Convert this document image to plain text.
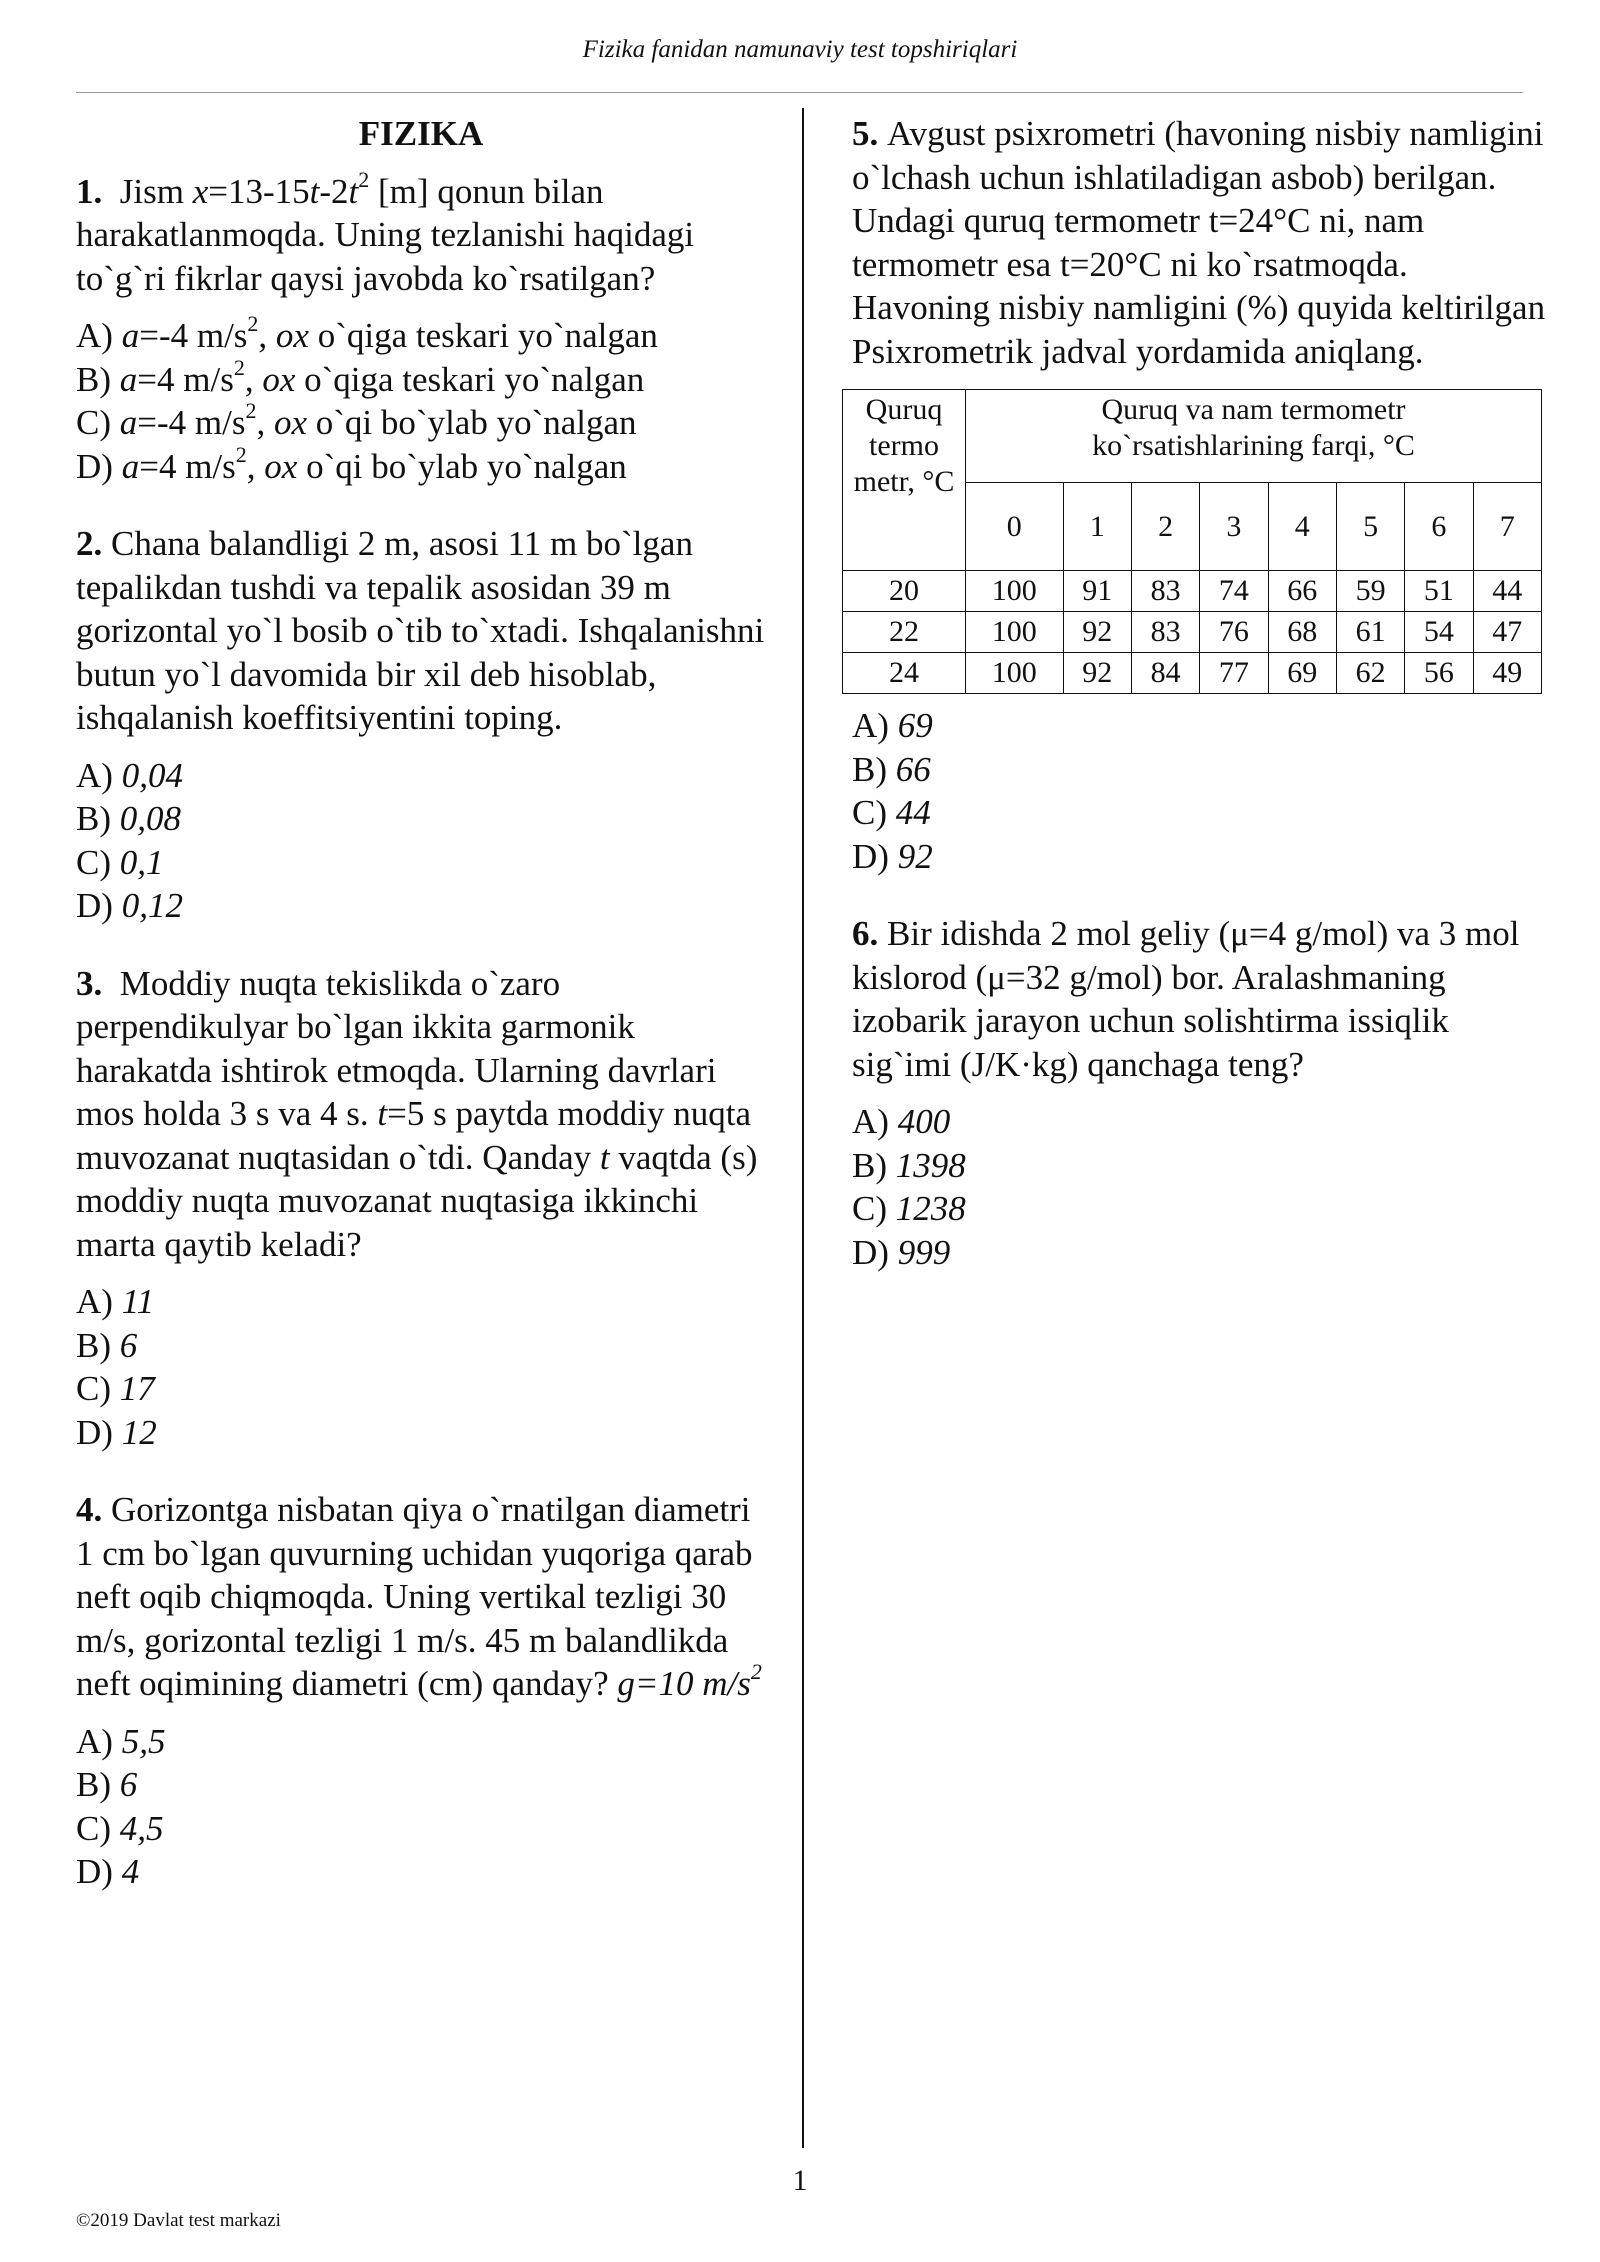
Fizika fanidan namunaviy test topshiriqlari
FIZIKA
1.  Jism $x=13-15t-2t^2$ [m] qonun bilan harakatlanmoqda. Uning tezlanishi haqidagi to`g`ri fikrlar qaysi javobda ko`rsatilgan?
A) a=-4 $m/s^2$, ox o`qiga teskari yo`nalgan
B) a=4 $m/s^2$, ox o`qiga teskari yo`nalgan
C) a=-4 $m/s^2$, ox o`qi bo`ylab yo`nalgan
D) a=4 $m/s^2$, ox o`qi bo`ylab yo`nalgan
2. Chana balandligi 2 m, asosi 11 m bo`lgan tepalikdan tushdi va tepalik asosidan 39 m gorizontal yo`l bosib o`tib to`xtadi. Ishqalanishni butun yo`l davomida bir xil deb hisoblab, ishqalanish koeffitsiyentini toping.
A) 0,04
B) 0,08
C) 0,1
D) 0,12
3.  Moddiy nuqta tekislikda o`zaro perpendikulyar bo`lgan ikkita garmonik harakatda ishtirok etmoqda. Ularning davrlari mos holda 3 s va 4 s. t=5 s paytda moddiy nuqta muvozanat nuqtasidan o`tdi. Qanday t vaqtda (s) moddiy nuqta muvozanat nuqtasiga ikkinchi marta qaytib keladi?
A) 11
B) 6
C) 17
D) 12
4. Gorizontga nisbatan qiya o`rnatilgan diametri 1 cm bo`lgan quvurning uchidan yuqoriga qarab neft oqib chiqmoqda. Uning vertikal tezligi 30 m/s, gorizontal tezligi 1 m/s. 45 m balandlikda neft oqimining diametri (cm) qanday? g=10 $m/s^2$
A) 5,5
B) 6
C) 4,5
D) 4
5. Avgust psixrometri (havoning nisbiy namligini o`lchash uchun ishlatiladigan asbob) berilgan.
Undagi quruq termometr t=24°C ni, nam termometr esa t=20°C ni ko`rsatmoqda. Havoning nisbiy namligini (%) quyida keltirilgan Psixrometrik jadval yordamida aniqlang.
Quruq termo metr, °C	Quruq va nam termometr ko`rsatishlarining farqi, °C							
	0	1	2	3	4	5	6	7
20	100	91	83	74	66	59	51	44
22	100	92	83	76	68	61	54	47
24	100	92	84	77	69	62	56	49
A) 69
B) 66
C) 44
D) 92
6. Bir idishda 2 mol geliy (μ=4 g/mol) va 3 mol kislorod (μ=32 g/mol) bor. Aralashmaning izobarik jarayon uchun solishtirma issiqlik sig`imi (J/K·kg) qanchaga teng?
A) 400
B) 1398
C) 1238
D) 999
1
©2019 Davlat test markazi
